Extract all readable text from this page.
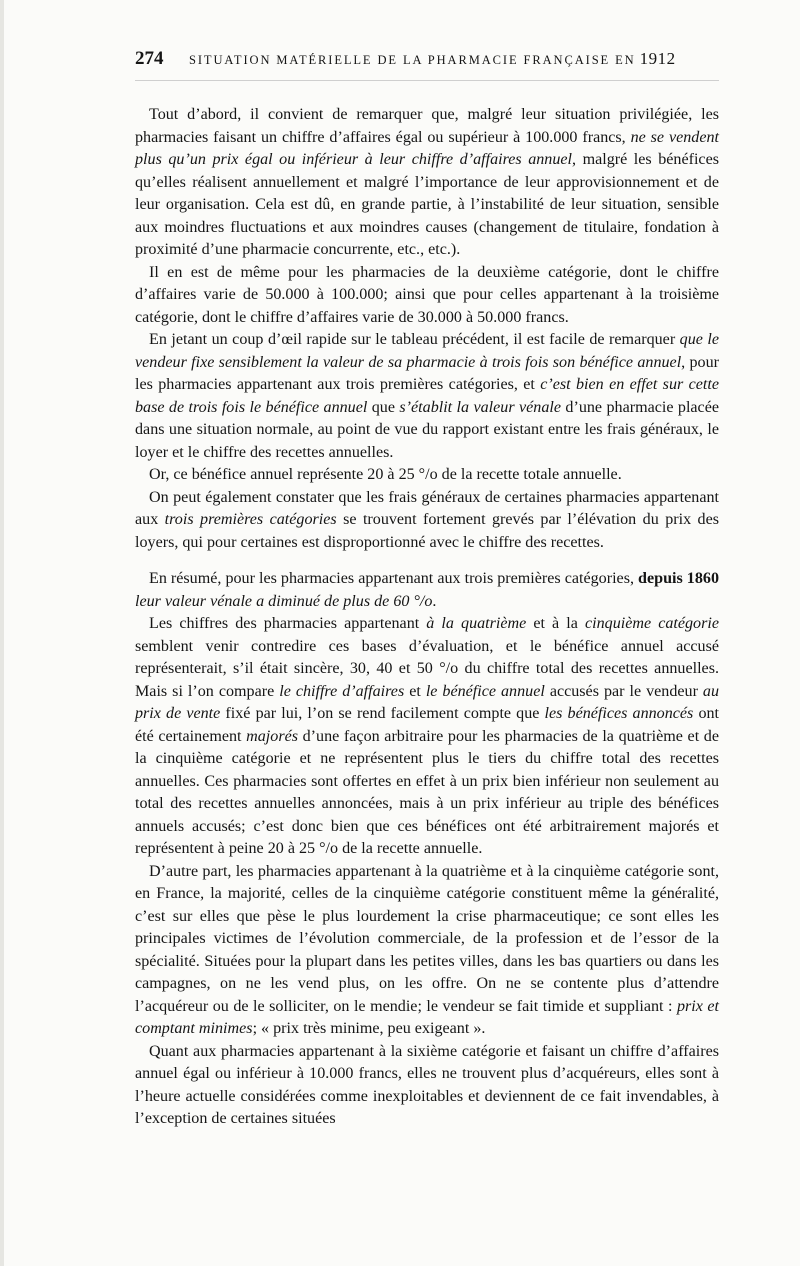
274	SITUATION MATÉRIELLE DE LA PHARMACIE FRANÇAISE EN 1912

Tout d’abord, il convient de remarquer que, malgré leur situation privilégiée, les pharmacies faisant un chiffre d’affaires égal ou supérieur à 100.000 francs, ne se vendent plus qu’un prix égal ou inférieur à leur chiffre d’affaires annuel, malgré les bénéfices qu’elles réalisent annuellement et malgré l’importance de leur approvisionnement et de leur organisation. Cela est dû, en grande partie, à l’instabilité de leur situation, sensible aux moindres fluctuations et aux moindres causes (changement de titulaire, fondation à proximité d’une pharmacie concurrente, etc., etc.).

Il en est de même pour les pharmacies de la deuxième catégorie, dont le chiffre d’affaires varie de 50.000 à 100.000; ainsi que pour celles appartenant à la troisième catégorie, dont le chiffre d’affaires varie de 30.000 à 50.000 francs.

En jetant un coup d’œil rapide sur le tableau précédent, il est facile de remarquer que le vendeur fixe sensiblement la valeur de sa pharmacie à trois fois son bénéfice annuel, pour les pharmacies appartenant aux trois premières catégories, et c’est bien en effet sur cette base de trois fois le bénéfice annuel que s’établit la valeur vénale d’une pharmacie placée dans une situation normale, au point de vue du rapport existant entre les frais généraux, le loyer et le chiffre des recettes annuelles.

Or, ce bénéfice annuel représente 20 à 25 °/o de la recette totale annuelle.

On peut également constater que les frais généraux de certaines pharmacies appartenant aux trois premières catégories se trouvent fortement grevés par l’élévation du prix des loyers, qui pour certaines est disproportionné avec le chiffre des recettes.

En résumé, pour les pharmacies appartenant aux trois premières catégories, depuis 1860 leur valeur vénale a diminué de plus de 60 °/o.

Les chiffres des pharmacies appartenant à la quatrième et à la cinquième catégorie semblent venir contredire ces bases d’évaluation, et le bénéfice annuel accusé représenterait, s’il était sincère, 30, 40 et 50 °/o du chiffre total des recettes annuelles. Mais si l’on compare le chiffre d’affaires et le bénéfice annuel accusés par le vendeur au prix de vente fixé par lui, l’on se rend facilement compte que les bénéfices annoncés ont été certainement majorés d’une façon arbitraire pour les pharmacies de la quatrième et de la cinquième catégorie et ne représentent plus le tiers du chiffre total des recettes annuelles. Ces pharmacies sont offertes en effet à un prix bien inférieur non seulement au total des recettes annuelles annoncées, mais à un prix inférieur au triple des bénéfices annuels accusés; c’est donc bien que ces bénéfices ont été arbitrairement majorés et représentent à peine 20 à 25 °/o de la recette annuelle.

D’autre part, les pharmacies appartenant à la quatrième et à la cinquième catégorie sont, en France, la majorité, celles de la cinquième catégorie constituent même la généralité, c’est sur elles que pèse le plus lourdement la crise pharmaceutique; ce sont elles les principales victimes de l’évolution commerciale, de la profession et de l’essor de la spécialité. Situées pour la plupart dans les petites villes, dans les bas quartiers ou dans les campagnes, on ne les vend plus, on les offre. On ne se contente plus d’attendre l’acquéreur ou de le solliciter, on le mendie; le vendeur se fait timide et suppliant : prix et comptant minimes; « prix très minime, peu exigeant ».

Quant aux pharmacies appartenant à la sixième catégorie et faisant un chiffre d’affaires annuel égal ou inférieur à 10.000 francs, elles ne trouvent plus d’acquéreurs, elles sont à l’heure actuelle considérées comme inexploitables et deviennent de ce fait invendables, à l’exception de certaines situées
